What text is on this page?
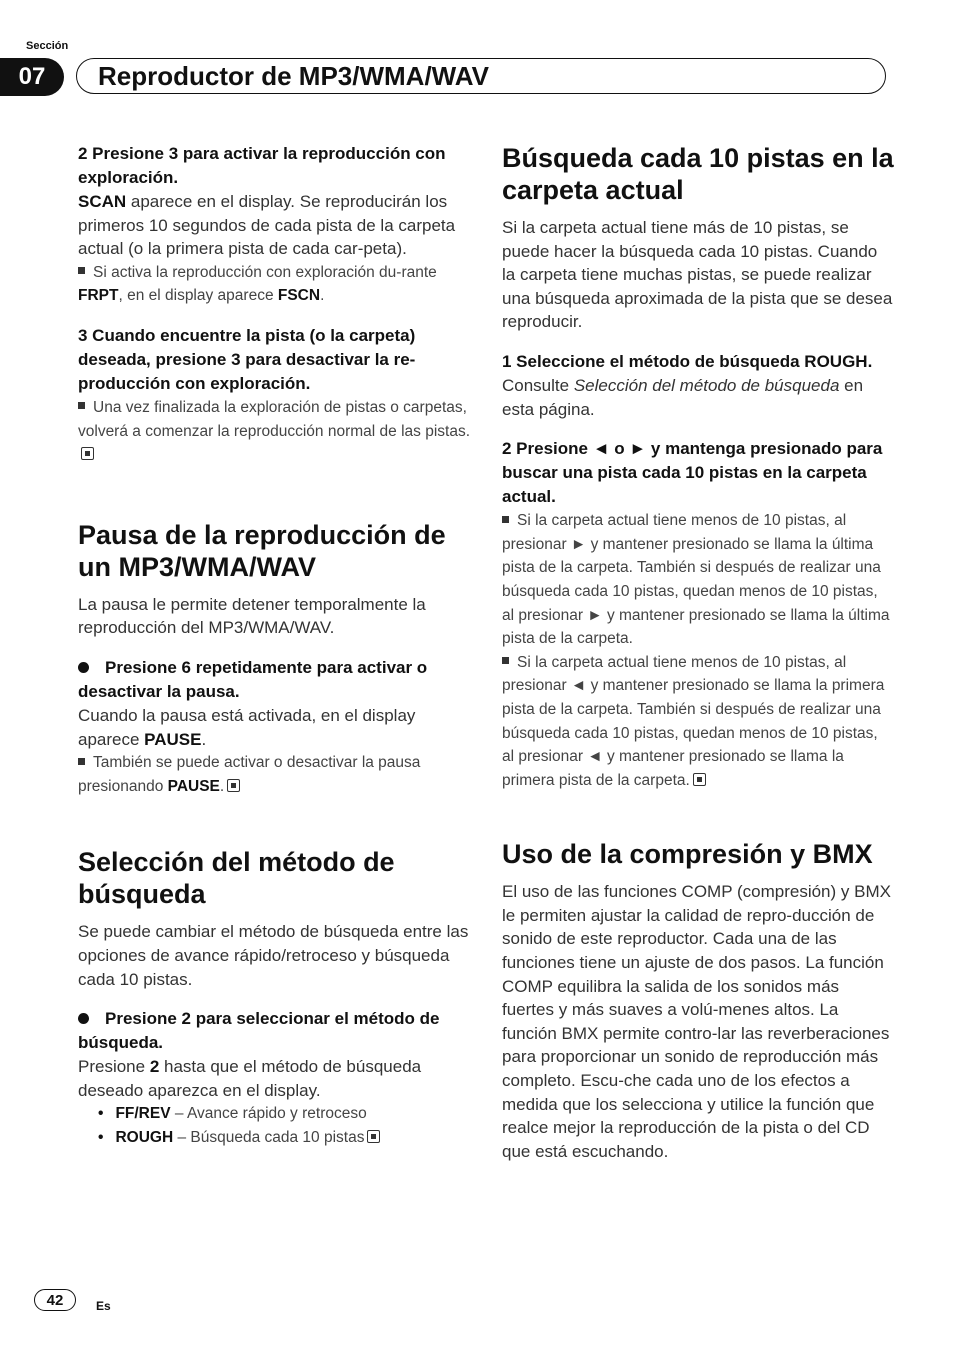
Sección
07	Reproductor de MP3/WMA/WAV

2 Presione 3 para activar la reproducción con exploración.

SCAN aparece en el display. Se reproducirán los primeros 10 segundos de cada pista de la carpeta actual (o la primera pista de cada car-peta).

Si activa la reproducción con exploración du-rante FRPT, en el display aparece FSCN.

3 Cuando encuentre la pista (o la carpeta) deseada, presione 3 para desactivar la re-producción con exploración.

Una vez finalizada la exploración de pistas o carpetas, volverá a comenzar la reproducción normal de las pistas.

Pausa de la reproducción de un MP3/WMA/WAV

La pausa le permite detener temporalmente la reproducción del MP3/WMA/WAV.

Presione 6 repetidamente para activar o desactivar la pausa.

Cuando la pausa está activada, en el display aparece PAUSE.

También se puede activar o desactivar la pausa presionando PAUSE.

Selección del método de búsqueda

Se puede cambiar el método de búsqueda entre las opciones de avance rápido/retroceso y búsqueda cada 10 pistas.

Presione 2 para seleccionar el método de búsqueda.

Presione 2 hasta que el método de búsqueda deseado aparezca en el display.

• FF/REV – Avance rápido y retroceso
• ROUGH – Búsqueda cada 10 pistas
Búsqueda cada 10 pistas en la carpeta actual

Si la carpeta actual tiene más de 10 pistas, se puede hacer la búsqueda cada 10 pistas. Cuando la carpeta tiene muchas pistas, se puede realizar una búsqueda aproximada de la pista que se desea reproducir.

1 Seleccione el método de búsqueda ROUGH.

Consulte Selección del método de búsqueda en esta página.

2 Presione ◄ o ► y mantenga presionado para buscar una pista cada 10 pistas en la carpeta actual.

Si la carpeta actual tiene menos de 10 pistas, al presionar ► y mantener presionado se llama la última pista de la carpeta. También si después de realizar una búsqueda cada 10 pistas, quedan menos de 10 pistas, al presionar ► y mantener presionado se llama la última pista de la carpeta.

Si la carpeta actual tiene menos de 10 pistas, al presionar ◄ y mantener presionado se llama la primera pista de la carpeta. También si después de realizar una búsqueda cada 10 pistas, quedan menos de 10 pistas, al presionar ◄ y mantener presionado se llama la primera pista de la carpeta.

Uso de la compresión y BMX

El uso de las funciones COMP (compresión) y BMX le permiten ajustar la calidad de repro-ducción de sonido de este reproductor. Cada una de las funciones tiene un ajuste de dos pasos. La función COMP equilibra la salida de los sonidos más fuertes y más suaves a volú-menes altos. La función BMX permite contro-lar las reverberaciones para proporcionar un sonido de reproducción más completo. Escu-che cada uno de los efectos a medida que los selecciona y utilice la función que realce mejor la reproducción de la pista o del CD que está escuchando.

42	Es
